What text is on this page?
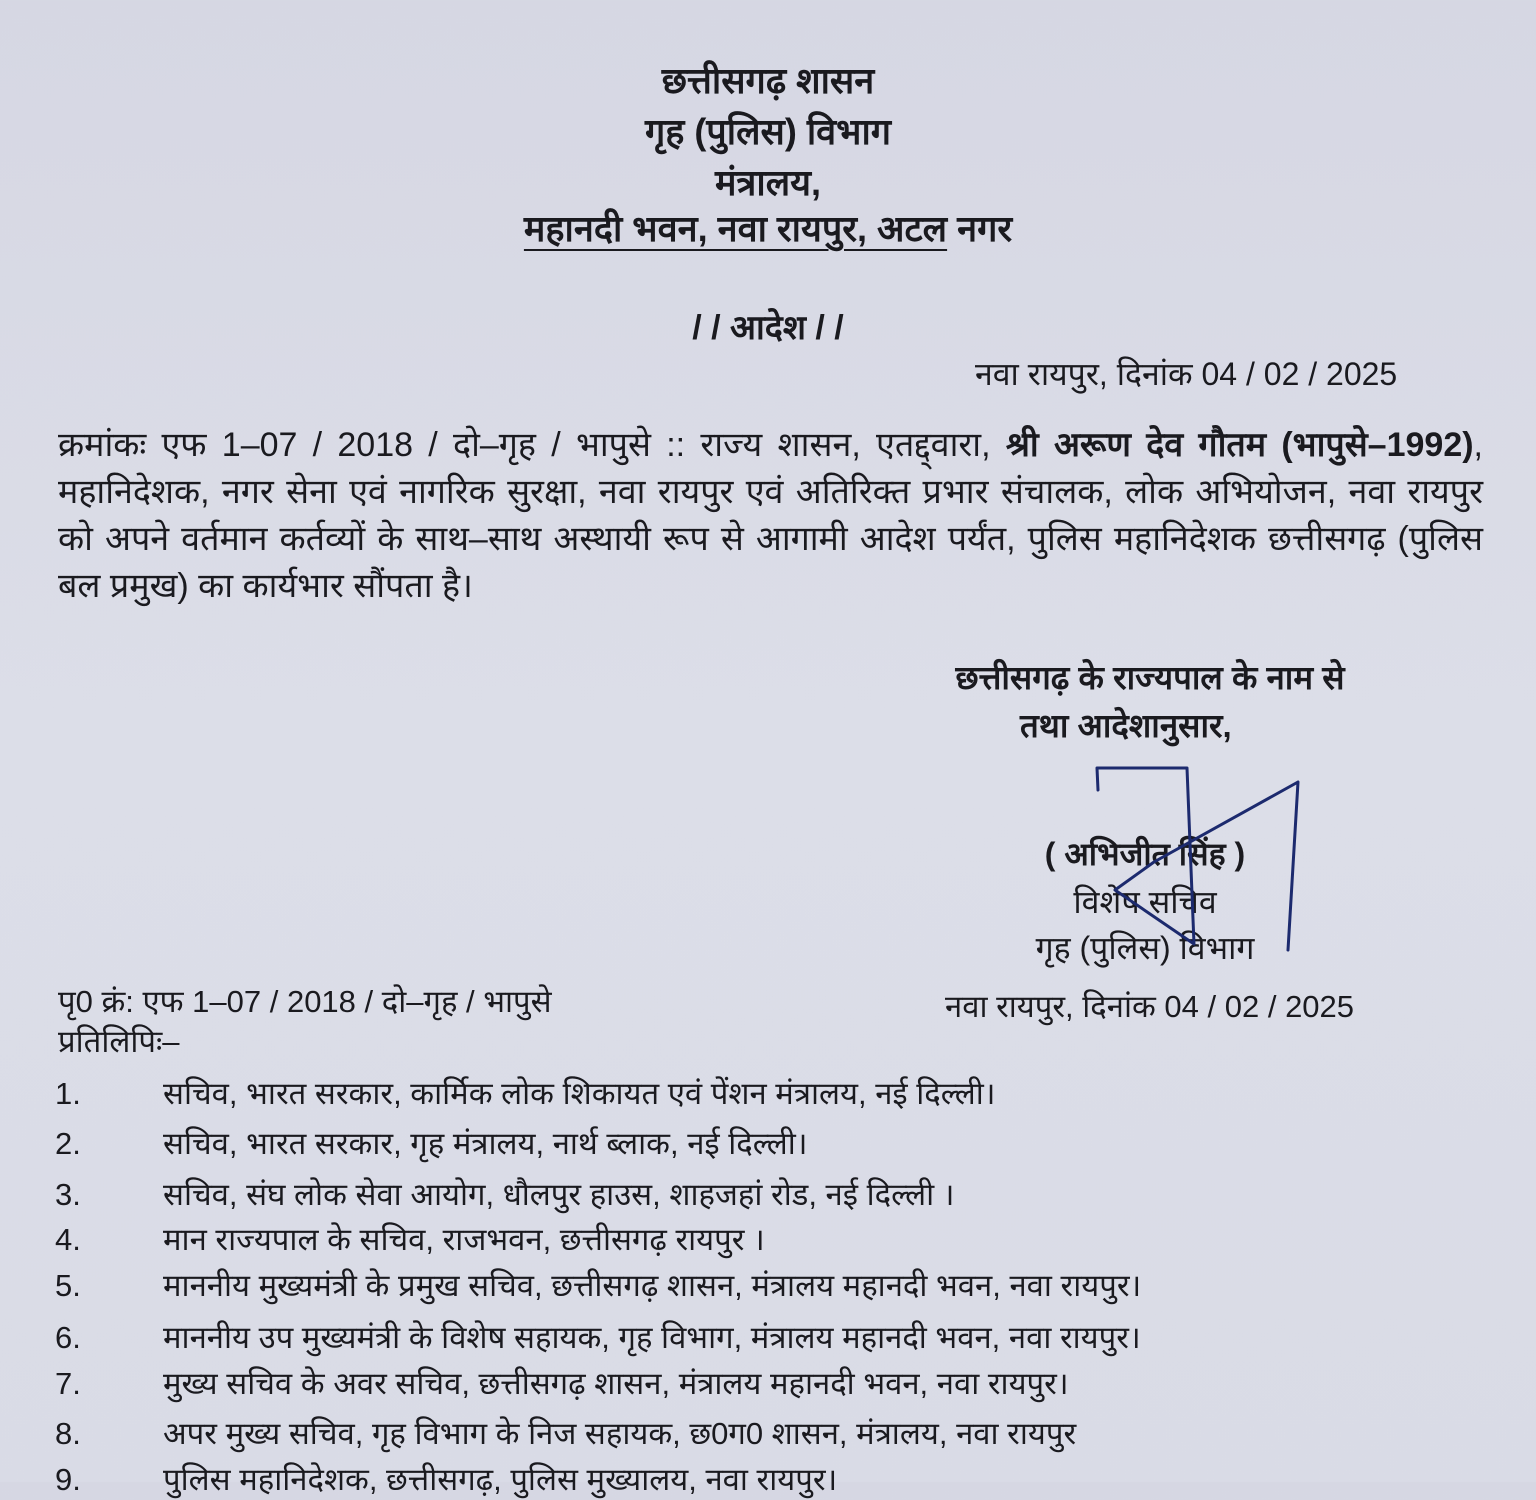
छत्तीसगढ़ शासन
गृह (पुलिस) विभाग
मंत्रालय,
महानदी भवन, नवा रायपुर, अटल नगर
/ / आदेश / /
नवा रायपुर, दिनांक 04 / 02 / 2025
क्रमांकः एफ 1–07 / 2018 / दो–गृह / भापुसे :: राज्य शासन, एतद्द्वारा, श्री अरूण देव गौतम (भापुसे–1992), महानिदेशक, नगर सेना एवं नागरिक सुरक्षा, नवा रायपुर एवं अतिरिक्त प्रभार संचालक, लोक अभियोजन, नवा रायपुर को अपने वर्तमान कर्तव्यों के साथ–साथ अस्थायी रूप से आगामी आदेश पर्यंत, पुलिस महानिदेशक छत्तीसगढ़ (पुलिस बल प्रमुख) का कार्यभार सौंपता है।
छत्तीसगढ़ के राज्यपाल के नाम से
तथा आदेशानुसार,
( अभिजीत सिंह )
विशेष सचिव
गृह (पुलिस) विभाग
पृ0 क्रं: एफ 1–07 / 2018 / दो–गृह / भापुसे	नवा रायपुर, दिनांक 04 / 02 / 2025
प्रतिलिपिः–
1.	सचिव, भारत सरकार, कार्मिक लोक शिकायत एवं पेंशन मंत्रालय, नई दिल्ली।
2.	सचिव, भारत सरकार, गृह मंत्रालय, नार्थ ब्लाक, नई दिल्ली।
3.	सचिव, संघ लोक सेवा आयोग, धौलपुर हाउस, शाहजहां रोड, नई दिल्ली ।
4.	मान राज्यपाल के सचिव, राजभवन, छत्तीसगढ़ रायपुर ।
5.	माननीय मुख्यमंत्री के प्रमुख सचिव, छत्तीसगढ़ शासन, मंत्रालय महानदी भवन, नवा रायपुर।
6.	माननीय उप मुख्यमंत्री के विशेष सहायक, गृह विभाग, मंत्रालय महानदी भवन, नवा रायपुर।
7.	मुख्य सचिव के अवर सचिव, छत्तीसगढ़ शासन, मंत्रालय महानदी भवन, नवा रायपुर।
8.	अपर मुख्य सचिव, गृह विभाग के निज सहायक, छ0ग0 शासन, मंत्रालय, नवा रायपुर
9.	पुलिस महानिदेशक, छत्तीसगढ़, पुलिस मुख्यालय, नवा रायपुर।
